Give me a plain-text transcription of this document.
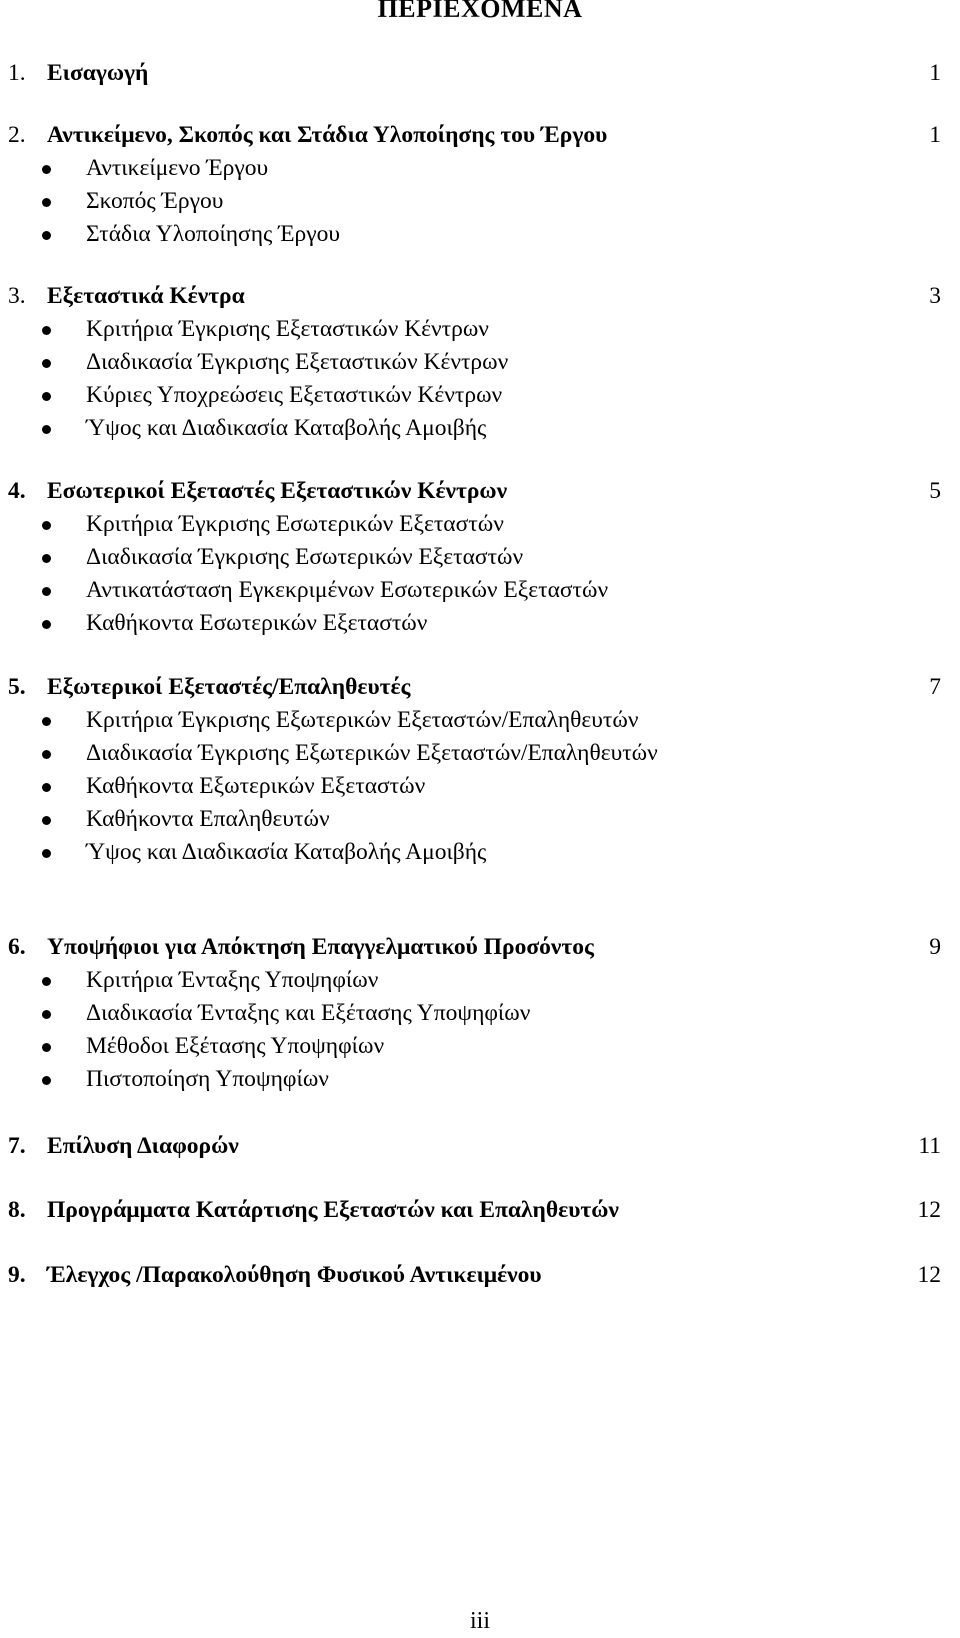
ΠΕΡΙΕΧΟΜΕΝΑ
1. Εισαγωγή	1
2. Αντικείμενο, Σκοπός και Στάδια Υλοποίησης του Έργου	1
Αντικείμενο Έργου
Σκοπός Έργου
Στάδια Υλοποίησης Έργου
3. Εξεταστικά Κέντρα	3
Κριτήρια Έγκρισης Εξεταστικών Κέντρων
Διαδικασία Έγκρισης Εξεταστικών Κέντρων
Κύριες Υποχρεώσεις Εξεταστικών Κέντρων
Ύψος και Διαδικασία Καταβολής Αμοιβής
4. Εσωτερικοί Εξεταστές Εξεταστικών Κέντρων	5
Κριτήρια Έγκρισης Εσωτερικών Εξεταστών
Διαδικασία Έγκρισης Εσωτερικών Εξεταστών
Αντικατάσταση Εγκεκριμένων Εσωτερικών Εξεταστών
Καθήκοντα Εσωτερικών Εξεταστών
5. Εξωτερικοί Εξεταστές/Επαληθευτές	7
Κριτήρια Έγκρισης Εξωτερικών Εξεταστών/Επαληθευτών
Διαδικασία Έγκρισης Εξωτερικών Εξεταστών/Επαληθευτών
Καθήκοντα Εξωτερικών Εξεταστών
Καθήκοντα Επαληθευτών
Ύψος και Διαδικασία Καταβολής Αμοιβής
6. Υποψήφιοι για Απόκτηση Επαγγελματικού Προσόντος	9
Κριτήρια Ένταξης Υποψηφίων
Διαδικασία Ένταξης και Εξέτασης Υποψηφίων
Μέθοδοι Εξέτασης Υποψηφίων
Πιστοποίηση Υποψηφίων
7. Επίλυση Διαφορών	11
8. Προγράμματα Κατάρτισης Εξεταστών και Επαληθευτών	12
9. Έλεγχος /Παρακολούθηση Φυσικού Αντικειμένου	12
iii
